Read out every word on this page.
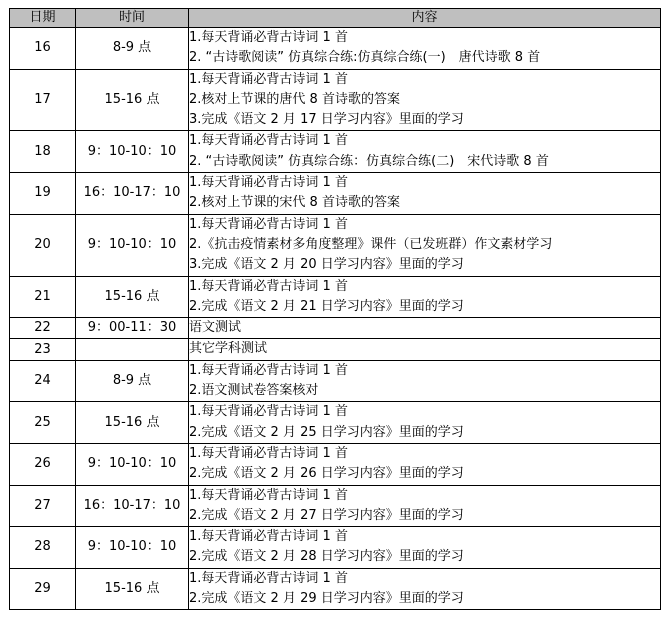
日期	时间	内容
16	8-9 点	1.每天背诵必背古诗词 1 首
2. “古诗歌阅读” 仿真综合练:仿真综合练(一)　唐代诗歌 8 首

17	15-16 点	1.每天背诵必背古诗词 1 首
2.核对上节课的唐代 8 首诗歌的答案
3.完成《语文 2 月 17 日学习内容》里面的学习

18	9：10-10：10	1.每天背诵必背古诗词 1 首
2. “古诗歌阅读” 仿真综合练：仿真综合练(二)　宋代诗歌 8 首

19	16：10-17：10	1.每天背诵必背古诗词 1 首
2.核对上节课的宋代 8 首诗歌的答案

20	9：10-10：10	1.每天背诵必背古诗词 1 首
2.《抗击疫情素材多角度整理》课件（已发班群）作文素材学习
3.完成《语文 2 月 20 日学习内容》里面的学习

21	15-16 点	1.每天背诵必背古诗词 1 首
2.完成《语文 2 月 21 日学习内容》里面的学习

22	9：00-11：30	语文测试

23		其它学科测试

24	8-9 点	1.每天背诵必背古诗词 1 首
2.语文测试卷答案核对

25	15-16 点	1.每天背诵必背古诗词 1 首
2.完成《语文 2 月 25 日学习内容》里面的学习

26	9：10-10：10	1.每天背诵必背古诗词 1 首
2.完成《语文 2 月 26 日学习内容》里面的学习

27	16：10-17：10	1.每天背诵必背古诗词 1 首
2.完成《语文 2 月 27 日学习内容》里面的学习

28	9：10-10：10	1.每天背诵必背古诗词 1 首
2.完成《语文 2 月 28 日学习内容》里面的学习

29	15-16 点	1.每天背诵必背古诗词 1 首
2.完成《语文 2 月 29 日学习内容》里面的学习
